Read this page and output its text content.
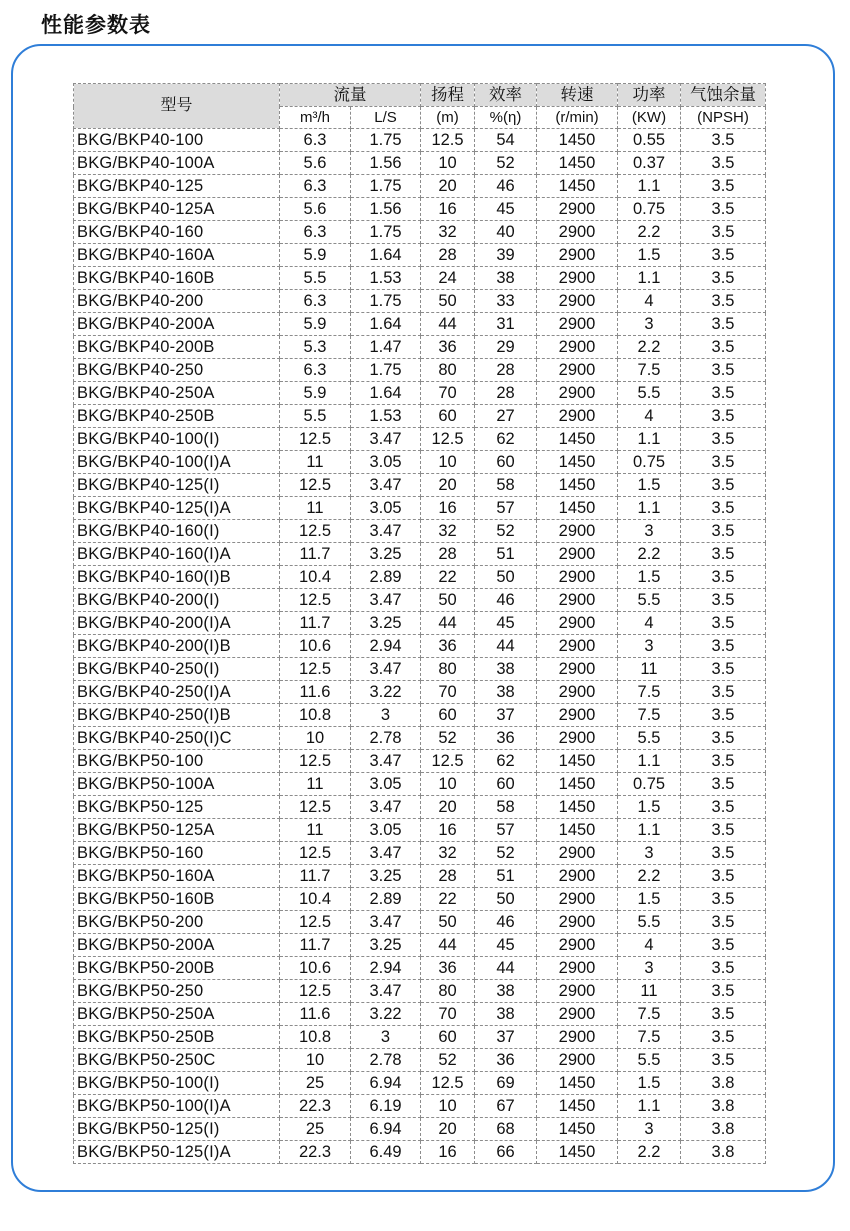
性能参数表
型号	流量		扬程	效率	转速	功率	气蚀余量
	m³/h	L/S	(m)	%(η)	(r/min)	(KW)	(NPSH)
BKG/BKP40-100	6.3	1.75	12.5	54	1450	0.55	3.5
BKG/BKP40-100A	5.6	1.56	10	52	1450	0.37	3.5
BKG/BKP40-125	6.3	1.75	20	46	1450	1.1	3.5
BKG/BKP40-125A	5.6	1.56	16	45	2900	0.75	3.5
BKG/BKP40-160	6.3	1.75	32	40	2900	2.2	3.5
BKG/BKP40-160A	5.9	1.64	28	39	2900	1.5	3.5
BKG/BKP40-160B	5.5	1.53	24	38	2900	1.1	3.5
BKG/BKP40-200	6.3	1.75	50	33	2900	4	3.5
BKG/BKP40-200A	5.9	1.64	44	31	2900	3	3.5
BKG/BKP40-200B	5.3	1.47	36	29	2900	2.2	3.5
BKG/BKP40-250	6.3	1.75	80	28	2900	7.5	3.5
BKG/BKP40-250A	5.9	1.64	70	28	2900	5.5	3.5
BKG/BKP40-250B	5.5	1.53	60	27	2900	4	3.5
BKG/BKP40-100(I)	12.5	3.47	12.5	62	1450	1.1	3.5
BKG/BKP40-100(I)A	11	3.05	10	60	1450	0.75	3.5
BKG/BKP40-125(I)	12.5	3.47	20	58	1450	1.5	3.5
BKG/BKP40-125(I)A	11	3.05	16	57	1450	1.1	3.5
BKG/BKP40-160(I)	12.5	3.47	32	52	2900	3	3.5
BKG/BKP40-160(I)A	11.7	3.25	28	51	2900	2.2	3.5
BKG/BKP40-160(I)B	10.4	2.89	22	50	2900	1.5	3.5
BKG/BKP40-200(I)	12.5	3.47	50	46	2900	5.5	3.5
BKG/BKP40-200(I)A	11.7	3.25	44	45	2900	4	3.5
BKG/BKP40-200(I)B	10.6	2.94	36	44	2900	3	3.5
BKG/BKP40-250(I)	12.5	3.47	80	38	2900	11	3.5
BKG/BKP40-250(I)A	11.6	3.22	70	38	2900	7.5	3.5
BKG/BKP40-250(I)B	10.8	3	60	37	2900	7.5	3.5
BKG/BKP40-250(I)C	10	2.78	52	36	2900	5.5	3.5
BKG/BKP50-100	12.5	3.47	12.5	62	1450	1.1	3.5
BKG/BKP50-100A	11	3.05	10	60	1450	0.75	3.5
BKG/BKP50-125	12.5	3.47	20	58	1450	1.5	3.5
BKG/BKP50-125A	11	3.05	16	57	1450	1.1	3.5
BKG/BKP50-160	12.5	3.47	32	52	2900	3	3.5
BKG/BKP50-160A	11.7	3.25	28	51	2900	2.2	3.5
BKG/BKP50-160B	10.4	2.89	22	50	2900	1.5	3.5
BKG/BKP50-200	12.5	3.47	50	46	2900	5.5	3.5
BKG/BKP50-200A	11.7	3.25	44	45	2900	4	3.5
BKG/BKP50-200B	10.6	2.94	36	44	2900	3	3.5
BKG/BKP50-250	12.5	3.47	80	38	2900	11	3.5
BKG/BKP50-250A	11.6	3.22	70	38	2900	7.5	3.5
BKG/BKP50-250B	10.8	3	60	37	2900	7.5	3.5
BKG/BKP50-250C	10	2.78	52	36	2900	5.5	3.5
BKG/BKP50-100(I)	25	6.94	12.5	69	1450	1.5	3.8
BKG/BKP50-100(I)A	22.3	6.19	10	67	1450	1.1	3.8
BKG/BKP50-125(I)	25	6.94	20	68	1450	3	3.8
BKG/BKP50-125(I)A	22.3	6.49	16	66	1450	2.2	3.8
